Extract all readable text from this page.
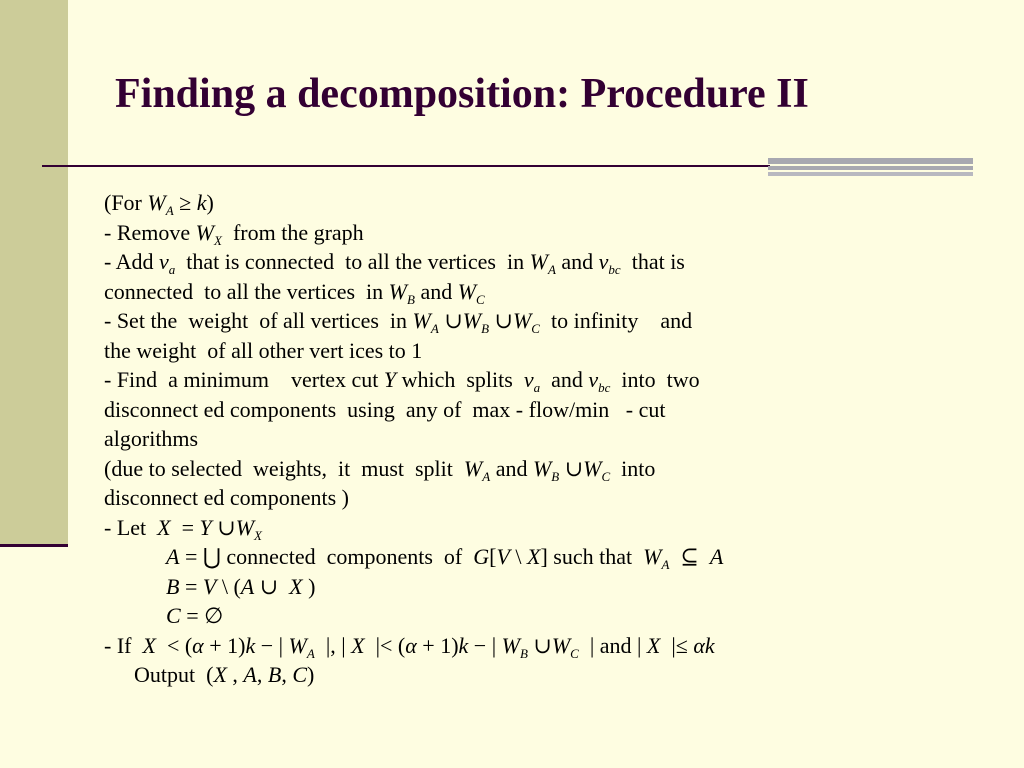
Finding a decomposition: Procedure II
(For $W_A \ge k$)
- Remove $W_X$  from the graph
- Add $v_a$  that is connected  to all the vertices  in $W_A$ and $v_{bc}$  that is
connected  to all the vertices  in $W_B$ and $W_C$
- Set the  weight  of all vertices  in $W_A$ $\cup W_B$ $\cup W_C$  to infinity    and
the weight  of all other vert ices to 1
- Find  a minimum    vertex cut Y which  splits  $v_a$  and $v_{bc}$  into  two
disconnect ed components  using  any of  max - flow/min   - cut
algorithms
(due to selected  weights,  it  must  split  $W_A$ and $W_B$ $\cup W_C$  into
disconnect ed components )
- Let  X  = Y $\cup W_X$
A = ⋃ connected  components  of  G[V \ X] such that  $W_A$  ⊆  A
B = V \ (A ∪  X )
C = ∅
- If  X  < (α + 1)k − | $W_A$  |, | X  |< (α + 1)k − | $W_B$ $\cup W_C$  | and | X  |≤ αk
Output  (X , A, B, C)
